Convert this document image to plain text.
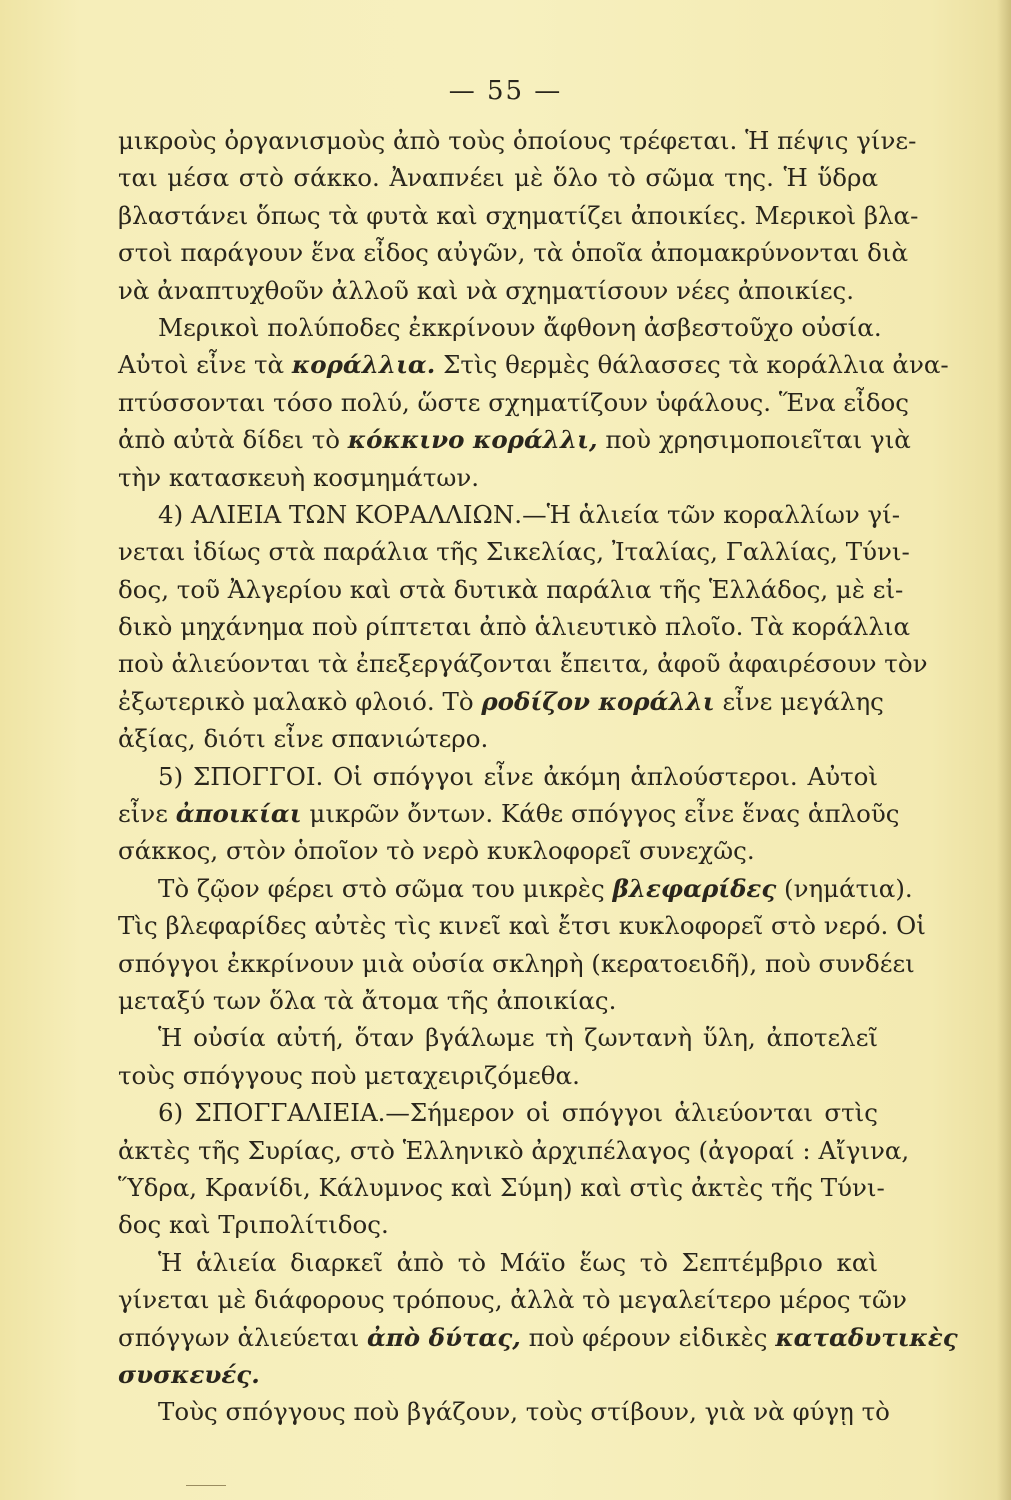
— 55 —
μικροὺς ὀργανισμοὺς ἀπὸ τοὺς ὁποίους τρέφεται. Ἡ πέψις γίνε-
ται μέσα στὸ σάκκο. Ἀναπνέει μὲ ὅλο τὸ σῶμα της. Ἡ ὕδρα
βλαστάνει ὅπως τὰ φυτὰ καὶ σχηματίζει ἀποικίες. Μερικοὶ βλα-
στοὶ παράγουν ἕνα εἶδος αὐγῶν, τὰ ὁποῖα ἀπομακρύνονται διὰ
νὰ ἀναπτυχθοῦν ἀλλοῦ καὶ νὰ σχηματίσουν νέες ἀποικίες.
Μερικοὶ πολύποδες ἐκκρίνουν ἄφθονη ἀσβεστοῦχο οὐσία.
Αὐτοὶ εἶνε τὰ κοράλλια. Στὶς θερμὲς θάλασσες τὰ κοράλλια ἀνα-
πτύσσονται τόσο πολύ, ὥστε σχηματίζουν ὑφάλους. Ἕνα εἶδος
ἀπὸ αὐτὰ δίδει τὸ κόκκινο κοράλλι, ποὺ χρησιμοποιεῖται γιὰ
τὴν κατασκευὴ κοσμημάτων.
4) ΑΛΙΕΙΑ ΤΩΝ ΚΟΡΑΛΛΙΩΝ.—Ἡ ἁλιεία τῶν κοραλλίων γί-
νεται ἰδίως στὰ παράλια τῆς Σικελίας, Ἰταλίας, Γαλλίας, Τύνι-
δος, τοῦ Ἀλγερίου καὶ στὰ δυτικὰ παράλια τῆς Ἑλλάδος, μὲ εἰ-
δικὸ μηχάνημα ποὺ ρίπτεται ἀπὸ ἁλιευτικὸ πλοῖο. Τὰ κοράλλια
ποὺ ἁλιεύονται τὰ ἐπεξεργάζονται ἔπειτα, ἀφοῦ ἀφαιρέσουν τὸν
ἐξωτερικὸ μαλακὸ φλοιό. Τὸ ροδίζον κοράλλι εἶνε μεγάλης
ἀξίας, διότι εἶνε σπανιώτερο.
5) ΣΠΟΓΓΟΙ. Οἱ σπόγγοι εἶνε ἀκόμη ἁπλούστεροι. Αὐτοὶ
εἶνε ἀποικίαι μικρῶν ὄντων. Κάθε σπόγγος εἶνε ἕνας ἁπλοῦς
σάκκος, στὸν ὁποῖον τὸ νερὸ κυκλοφορεῖ συνεχῶς.
Τὸ ζῷον φέρει στὸ σῶμα του μικρὲς βλεφαρίδες (νημάτια).
Τὶς βλεφαρίδες αὐτὲς τὶς κινεῖ καὶ ἔτσι κυκλοφορεῖ στὸ νερό. Οἱ
σπόγγοι ἐκκρίνουν μιὰ οὐσία σκληρὴ (κερατοειδῆ), ποὺ συνδέει
μεταξύ των ὅλα τὰ ἄτομα τῆς ἀποικίας.
Ἡ οὐσία αὐτή, ὅταν βγάλωμε τὴ ζωντανὴ ὕλη, ἀποτελεῖ
τοὺς σπόγγους ποὺ μεταχειριζόμεθα.
6) ΣΠΟΓΓΑΛΙΕΙΑ.—Σήμερον οἱ σπόγγοι ἁλιεύονται στὶς
ἀκτὲς τῆς Συρίας, στὸ Ἑλληνικὸ ἀρχιπέλαγος (ἀγοραί : Αἴγινα,
Ὕδρα, Κρανίδι, Κάλυμνος καὶ Σύμη) καὶ στὶς ἀκτὲς τῆς Τύνι-
δος καὶ Τριπολίτιδος.
Ἡ ἁλιεία διαρκεῖ ἀπὸ τὸ Μάϊο ἕως τὸ Σεπτέμβριο καὶ
γίνεται μὲ διάφορους τρόπους, ἀλλὰ τὸ μεγαλείτερο μέρος τῶν
σπόγγων ἁλιεύεται ἀπὸ δύτας, ποὺ φέρουν εἰδικὲς καταδυτικὲς
συσκευές.
Τοὺς σπόγγους ποὺ βγάζουν, τοὺς στίβουν, γιὰ νὰ φύγῃ τὸ
